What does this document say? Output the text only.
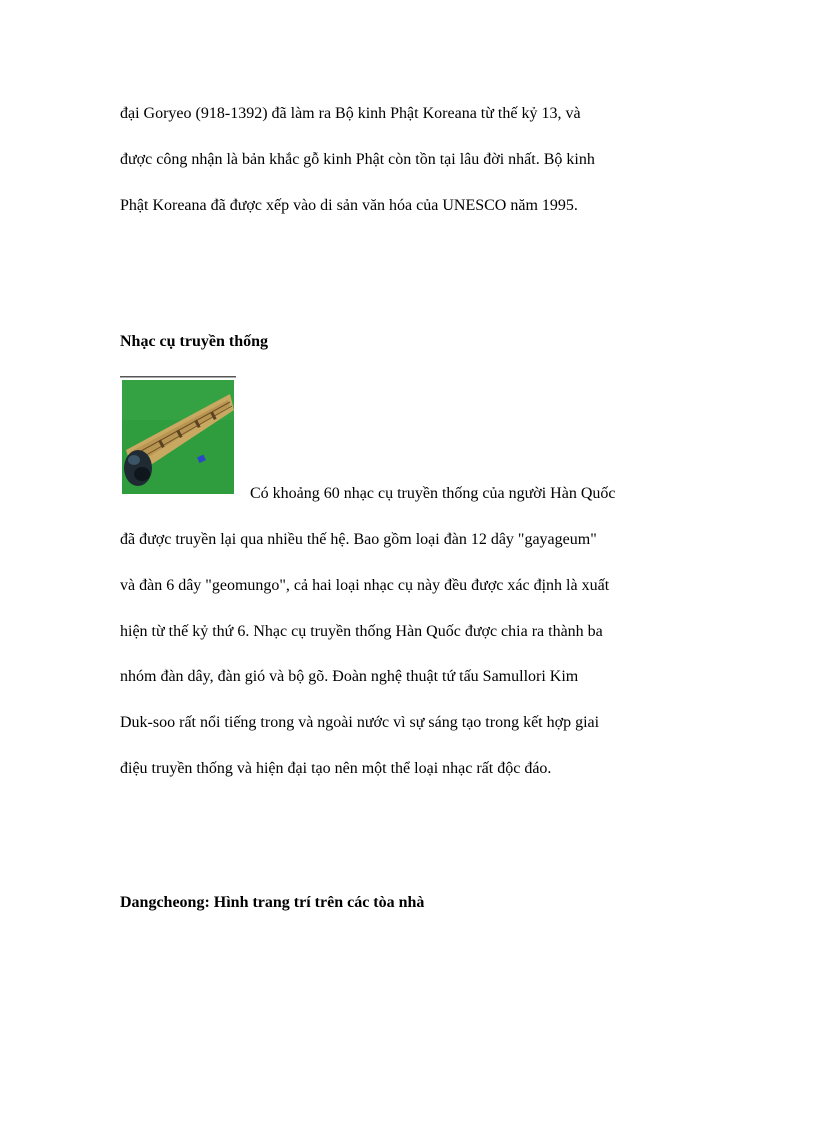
đại Goryeo (918-1392) đã làm ra Bộ kinh Phật Koreana từ thế kỷ 13, và
được công nhận là bản khắc gỗ kinh Phật còn tồn tại lâu đời nhất. Bộ kinh
Phật Koreana đã được xếp vào di sản văn hóa của UNESCO năm 1995.
Nhạc cụ truyền thống
Có khoảng 60 nhạc cụ truyền thống của người Hàn Quốc
đã được truyền lại qua nhiều thế hệ. Bao gồm loại đàn 12 dây "gayageum"
và đàn 6 dây "geomungo", cả hai loại nhạc cụ này đều được xác định là xuất
hiện từ thế kỷ thứ 6. Nhạc cụ truyền thống Hàn Quốc được chia ra thành ba
nhóm đàn dây, đàn gió và bộ gõ. Đoàn nghệ thuật tứ tấu Samullori Kim
Duk-soo rất nổi tiếng trong và ngoài nước vì sự sáng tạo trong kết hợp giai
điệu truyền thống và hiện đại tạo nên một thể loại nhạc rất độc đáo.
Dangcheong: Hình trang trí trên các tòa nhà
